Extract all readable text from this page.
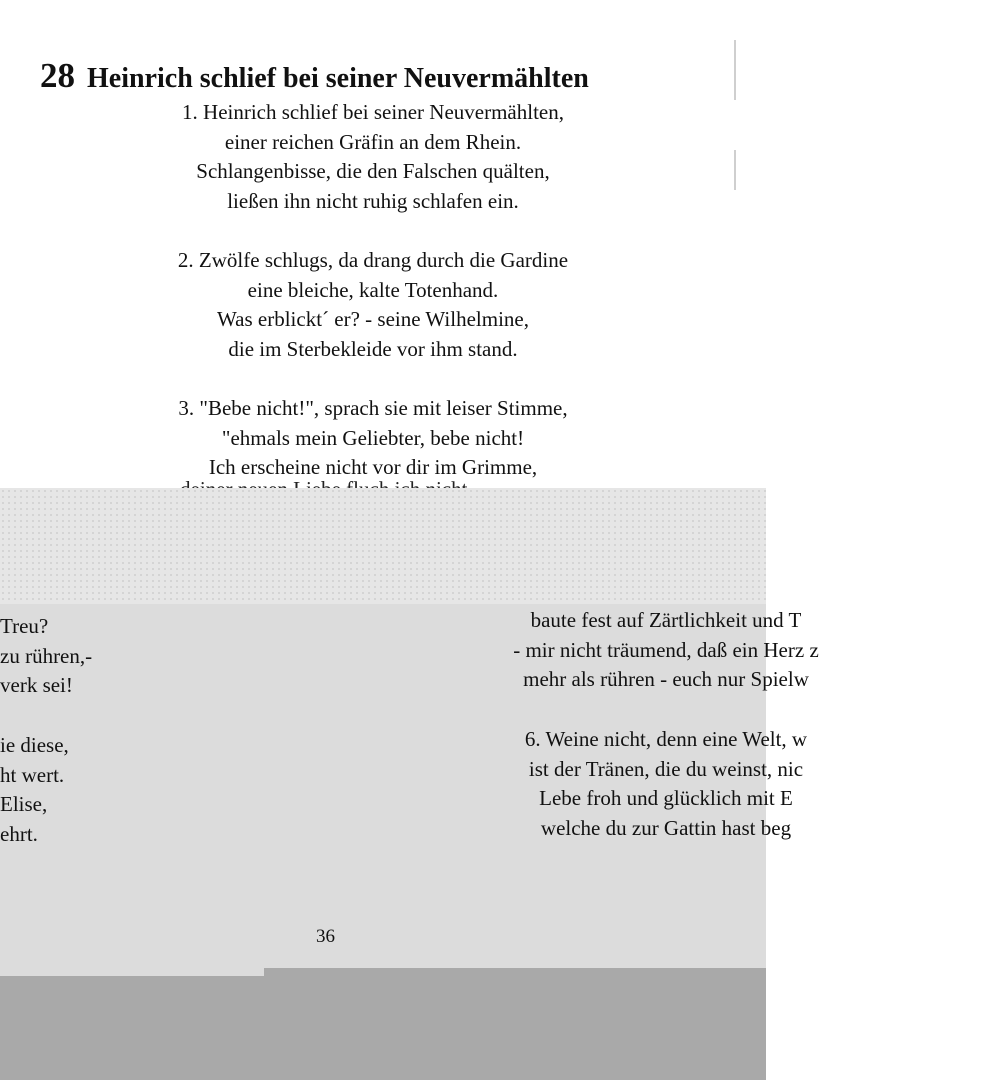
28 Heinrich schlief bei seiner Neuvermählten
1. Heinrich schlief bei seiner Neuvermählten,
einer reichen Gräfin an dem Rhein.
Schlangenbisse, die den Falschen quälten,
ließen ihn nicht ruhig schlafen ein.
2. Zwölfe schlugs, da drang durch die Gardine
eine bleiche, kalte Totenhand.
Was erblickt´ er? - seine Wilhelmine,
die im Sterbekleide vor ihm stand.
3. "Bebe nicht!", sprach sie mit leiser Stimme,
"ehmals mein Geliebter, bebe nicht!
Ich erscheine nicht vor dir im Grimme,
Treu?
zu rühren,-
verk sei!
ie diese,
ht wert.
Elise,
ehrt.
baute fest auf Zärtlichkeit und T
- mir nicht träumend, daß ein Herz z
mehr als rühren - euch nur Spielw
6. Weine nicht, denn eine Welt, w
ist der Tränen, die du weinst, nic
Lebe froh und glücklich mit E
welche du zur Gattin hast beg
36
